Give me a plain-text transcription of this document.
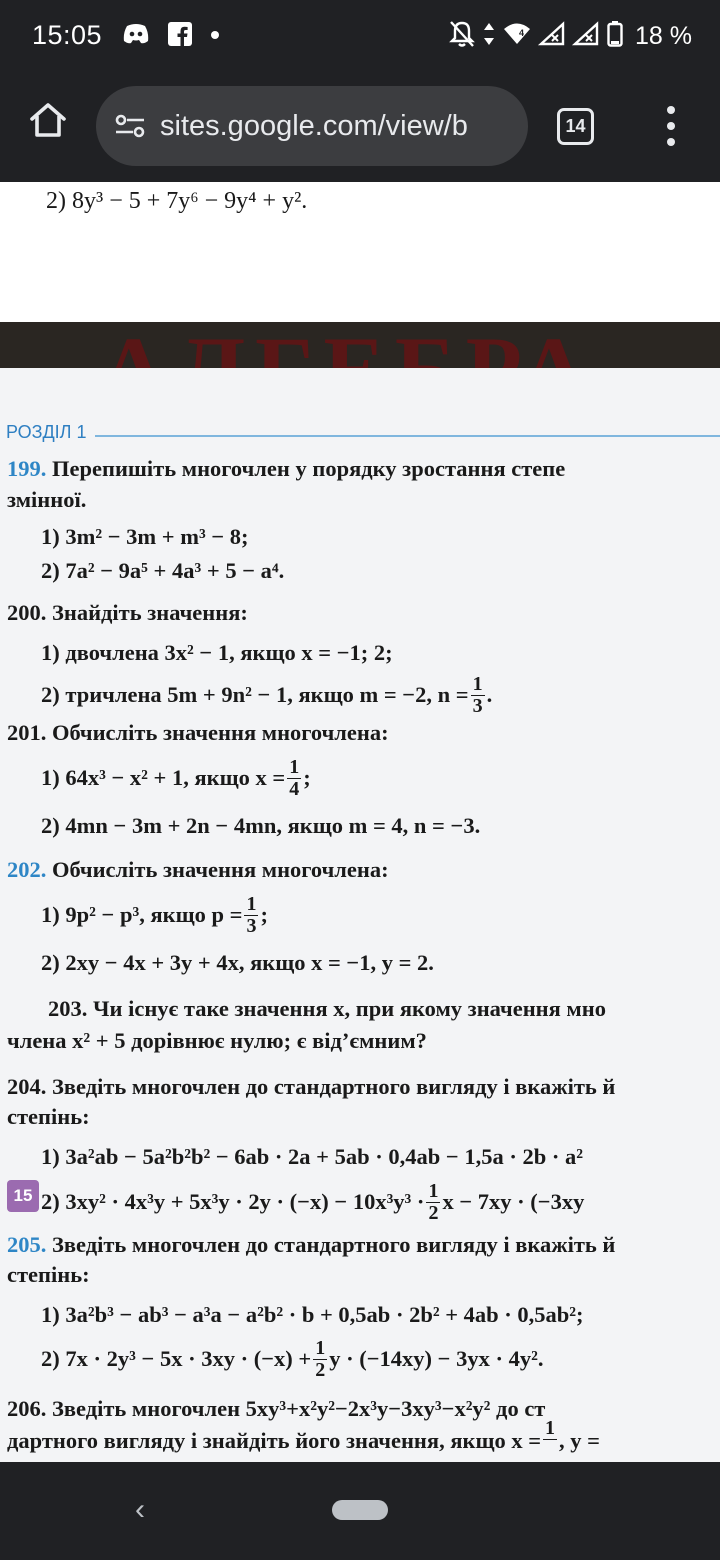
15:05	4	18 %
sites.google.com/view/b	14
2) 8y³ − 5 + 7y⁶ − 9y⁴ + y².
РОЗДІЛ 1
199. Перепишіть многочлен у порядку зростання степе
змінної.
1) 3m² − 3m + m³ − 8;
2) 7a² − 9a⁵ + 4a³ + 5 − a⁴.
200. Знайдіть значення:
1) двочлена 3x² − 1, якщо x = −1; 2;
2) тричлена 5m + 9n² − 1, якщо m = −2, $n = \frac{1}{3}$ .
201. Обчисліть значення многочлена:
1) 64x³ − x² + 1, якщо $x = \frac{1}{4}$ ;
2) 4mn − 3m + 2n − 4mn, якщо m = 4, n = −3.
202. Обчисліть значення многочлена:
1) 9p² − p³, якщо $p = \frac{1}{3}$ ;
2) 2xy − 4x + 3y + 4x, якщо x = −1, y = 2.
15
203. Чи існує таке значення x, при якому значення мно
члена x² + 5 дорівнює нулю; є від’ємним?
204. Зведіть многочлен до стандартного вигляду і вкажіть й
степінь:
1) 3a²ab − 5a²b²b² − 6ab · 2a + 5ab · 0,4ab − 1,5a · 2b · a²
2) $3xy^2 \cdot 4x^3y + 5x^3y \cdot 2y \cdot (-x) - 10x^3y^3 \cdot \frac{1}{2}$ x − 7xy · (−3xy
205. Зведіть многочлен до стандартного вигляду і вкажіть й
степінь:
1) 3a²b³ − ab³ − a³a − a²b² · b + 0,5ab · 2b² + 4ab · 0,5ab²;
2) $7x \cdot 2y^3 - 5x \cdot 3xy \cdot (-x) + \frac{1}{2}$ y · (−14xy) − 3yx · 4y².
206. Зведіть многочлен 5xy³+x²y²−2x³y−3xy³−x²y² до ст
дартного вигляду і знайдіть його значення, якщо x = 1 , y =
‹
